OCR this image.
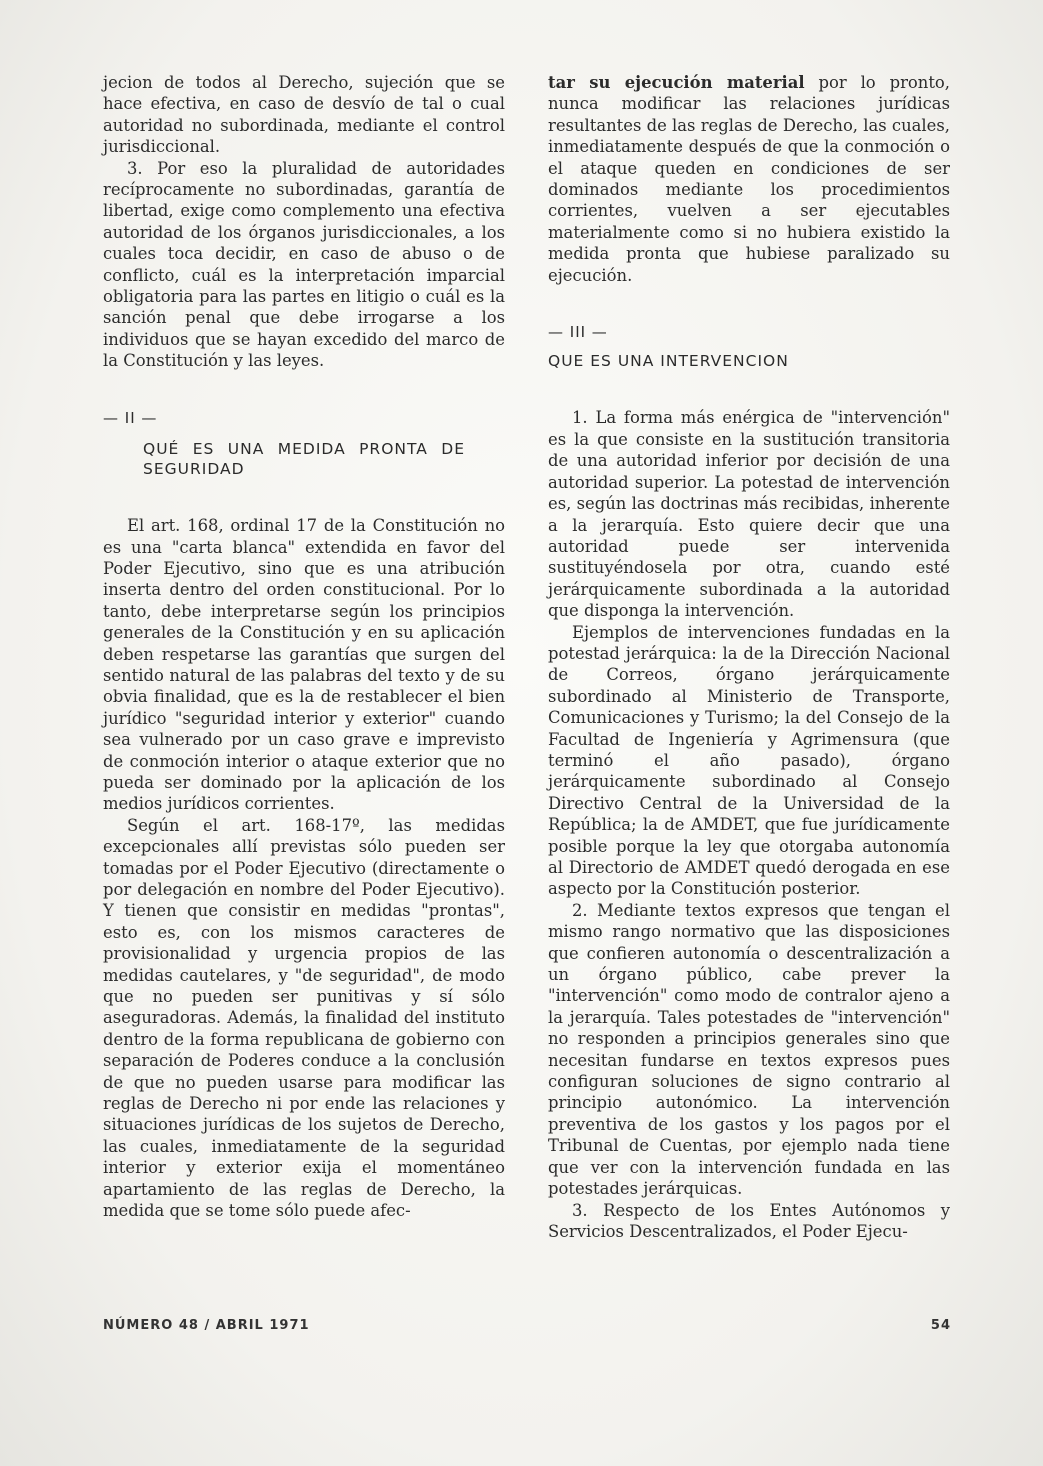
jecion de todos al Derecho, sujeción que se hace efectiva, en caso de desvío de tal o cual autoridad no subordinada, mediante el control jurisdiccional.

3. Por eso la pluralidad de autoridades recíprocamente no subordinadas, garantía de libertad, exige como complemento una efectiva autoridad de los órganos jurisdiccionales, a los cuales toca decidir, en caso de abuso o de conflicto, cuál es la interpretación imparcial obligatoria para las partes en litigio o cuál es la sanción penal que debe irrogarse a los individuos que se hayan excedido del marco de la Constitución y las leyes.

— II —

QUÉ ES UNA MEDIDA PRONTA DE SEGURIDAD

El art. 168, ordinal 17 de la Constitución no es una "carta blanca" extendida en favor del Poder Ejecutivo, sino que es una atribución inserta dentro del orden constitucional. Por lo tanto, debe interpretarse según los principios generales de la Constitución y en su aplicación deben respetarse las garantías que surgen del sentido natural de las palabras del texto y de su obvia finalidad, que es la de restablecer el bien jurídico "seguridad interior y exterior" cuando sea vulnerado por un caso grave e imprevisto de conmoción interior o ataque exterior que no pueda ser dominado por la aplicación de los medios jurídicos corrientes.

Según el art. 168-17º, las medidas excepcionales allí previstas sólo pueden ser tomadas por el Poder Ejecutivo (directamente o por delegación en nombre del Poder Ejecutivo). Y tienen que consistir en medidas "prontas", esto es, con los mismos caracteres de provisionalidad y urgencia propios de las medidas cautelares, y "de seguridad", de modo que no pueden ser punitivas y sí sólo aseguradoras. Además, la finalidad del instituto dentro de la forma republicana de gobierno con separación de Poderes conduce a la conclusión de que no pueden usarse para modificar las reglas de Derecho ni por ende las relaciones y situaciones jurídicas de los sujetos de Derecho, las cuales, inmediatamente de la seguridad interior y exterior exija el momentáneo apartamiento de las reglas de Derecho, la medida que se tome sólo puede afec-

tar su ejecución material por lo pronto, nunca modificar las relaciones jurídicas resultantes de las reglas de Derecho, las cuales, inmediatamente después de que la conmoción o el ataque queden en condiciones de ser dominados mediante los procedimientos corrientes, vuelven a ser ejecutables materialmente como si no hubiera existido la medida pronta que hubiese paralizado su ejecución.

— III —

QUE ES UNA INTERVENCION

1. La forma más enérgica de "intervención" es la que consiste en la sustitución transitoria de una autoridad inferior por decisión de una autoridad superior. La potestad de intervención es, según las doctrinas más recibidas, inherente a la jerarquía. Esto quiere decir que una autoridad puede ser intervenida sustituyéndosela por otra, cuando esté jerárquicamente subordinada a la autoridad que disponga la intervención.

Ejemplos de intervenciones fundadas en la potestad jerárquica: la de la Dirección Nacional de Correos, órgano jerárquicamente subordinado al Ministerio de Transporte, Comunicaciones y Turismo; la del Consejo de la Facultad de Ingeniería y Agrimensura (que terminó el año pasado), órgano jerárquicamente subordinado al Consejo Directivo Central de la Universidad de la República; la de AMDET, que fue jurídicamente posible porque la ley que otorgaba autonomía al Directorio de AMDET quedó derogada en ese aspecto por la Constitución posterior.

2. Mediante textos expresos que tengan el mismo rango normativo que las disposiciones que confieren autonomía o descentralización a un órgano público, cabe prever la "intervención" como modo de contralor ajeno a la jerarquía. Tales potestades de "intervención" no responden a principios generales sino que necesitan fundarse en textos expresos pues configuran soluciones de signo contrario al principio autonómico. La intervención preventiva de los gastos y los pagos por el Tribunal de Cuentas, por ejemplo nada tiene que ver con la intervención fundada en las potestades jerárquicas.

3. Respecto de los Entes Autónomos y Servicios Descentralizados, el Poder Ejecu-

NÚMERO 48 / ABRIL 1971	54
